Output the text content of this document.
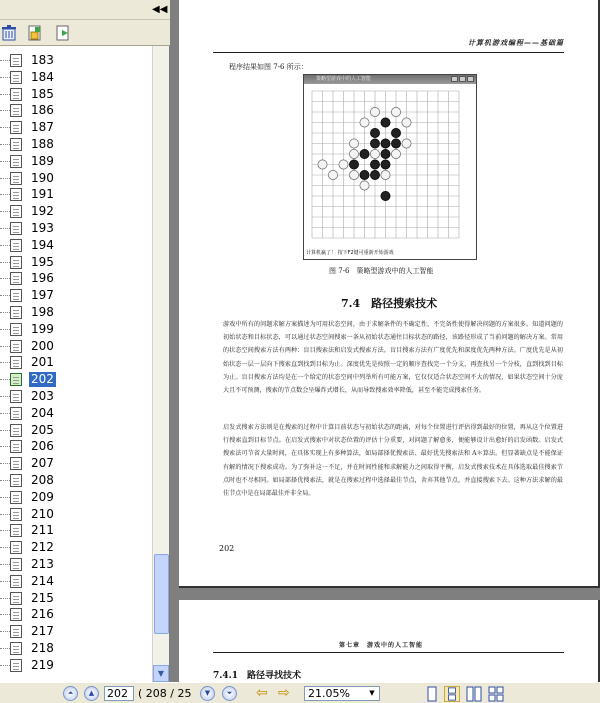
◀◀
183
184
185
186
187
188
189
190
191
192
193
194
195
196
197
198
199
200
201
202
203
204
205
206
207
208
209
210
211
212
213
214
215
216
217
218
219
▼
计算机游戏编程——基础篇
程序结果如图 7-6 所示：
策略型游戏中的人工智能
计算机赢了！ 按下F2键可重新开始游戏
图 7-6　策略型游戏中的人工智能
7.4　路径搜索技术
游戏中所有的问题求解方案描述为可用状态空间，由于求解条件的不确定性、不完备性使得解决问题的方案很多。知道问题的初始状态和目标状态，可以通过状态空间搜索一条从初始状态通往目标状态的路径，该路径形成了当前问题的解决方案。常用的状态空间搜索方法有两种：盲目搜索法和启发式搜索方法。盲目搜索方法有广度优先和深度优先两种方法。广度优先是从初始状态一层一层向下搜索直到找到目标为止。深度优先是按照一定的顺序查找完一个分支，再查找另一个分枝，直到找到目标为止。盲目搜索方法均是在一个给定的状态空间中列举所有可能方案，它仅仅适合状态空间不大的情况，如果状态空间十分庞大且不可预测，搜索的节点数会呈爆炸式增长，从而导致搜索效率降低，甚至不能完成搜索任务。
启发式搜索方法则是在搜索的过程中计算目前状态与初始状态的距离，对每个位置进行评估得到最好的位置，再从这个位置进行搜索直到目标节点。在启发式搜索中对状态位置的评估十分重要，对问题了解愈多，便能够设计出愈好的启发函数。启发式搜索法可节省大量时间，在具体实现上有多种算法，如局部择优搜索法、最好优先搜索法和 A＊算法。但显著缺点是不能保证有解的情况下搜索成功。为了弥补这一不足，并在时间性能和求解能力之间取得平衡，启发式搜索技术在具体选取最佳搜索节点时也不尽相同。如局部择优搜索法，就是在搜索过程中选择最佳节点，舍弃其他节点，并直接搜索下去。这种方法求解的最佳节点中是在局部最佳并非全局。
202
第七章　游戏中的人工智能
7.4.1　路径寻找技术
⏶	▲
202	( 208 / 25	▼	⏷	⇦ ⇨ 21.05%	▼
